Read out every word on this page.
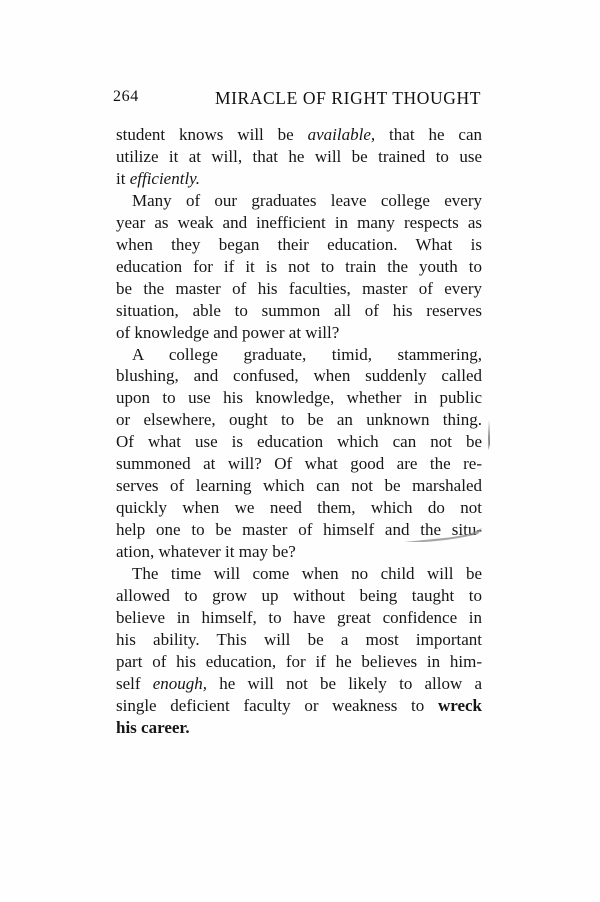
264	MIRACLE OF RIGHT THOUGHT
student knows will be available, that he can
utilize it at will, that he will be trained to use
it efficiently.
Many of our graduates leave college every
year as weak and inefficient in many respects as
when they began their education. What is
education for if it is not to train the youth to
be the master of his faculties, master of every
situation, able to summon all of his reserves
of knowledge and power at will?
A college graduate, timid, stammering,
blushing, and confused, when suddenly called
upon to use his knowledge, whether in public
or elsewhere, ought to be an unknown thing.
Of what use is education which can not be
summoned at will? Of what good are the re-
serves of learning which can not be marshaled
quickly when we need them, which do not
help one to be master of himself and the situ-
ation, whatever it may be?
The time will come when no child will be
allowed to grow up without being taught to
believe in himself, to have great confidence in
his ability. This will be a most important
part of his education, for if he believes in him-
self enough, he will not be likely to allow a
single deficient faculty or weakness to wreck
his career.
